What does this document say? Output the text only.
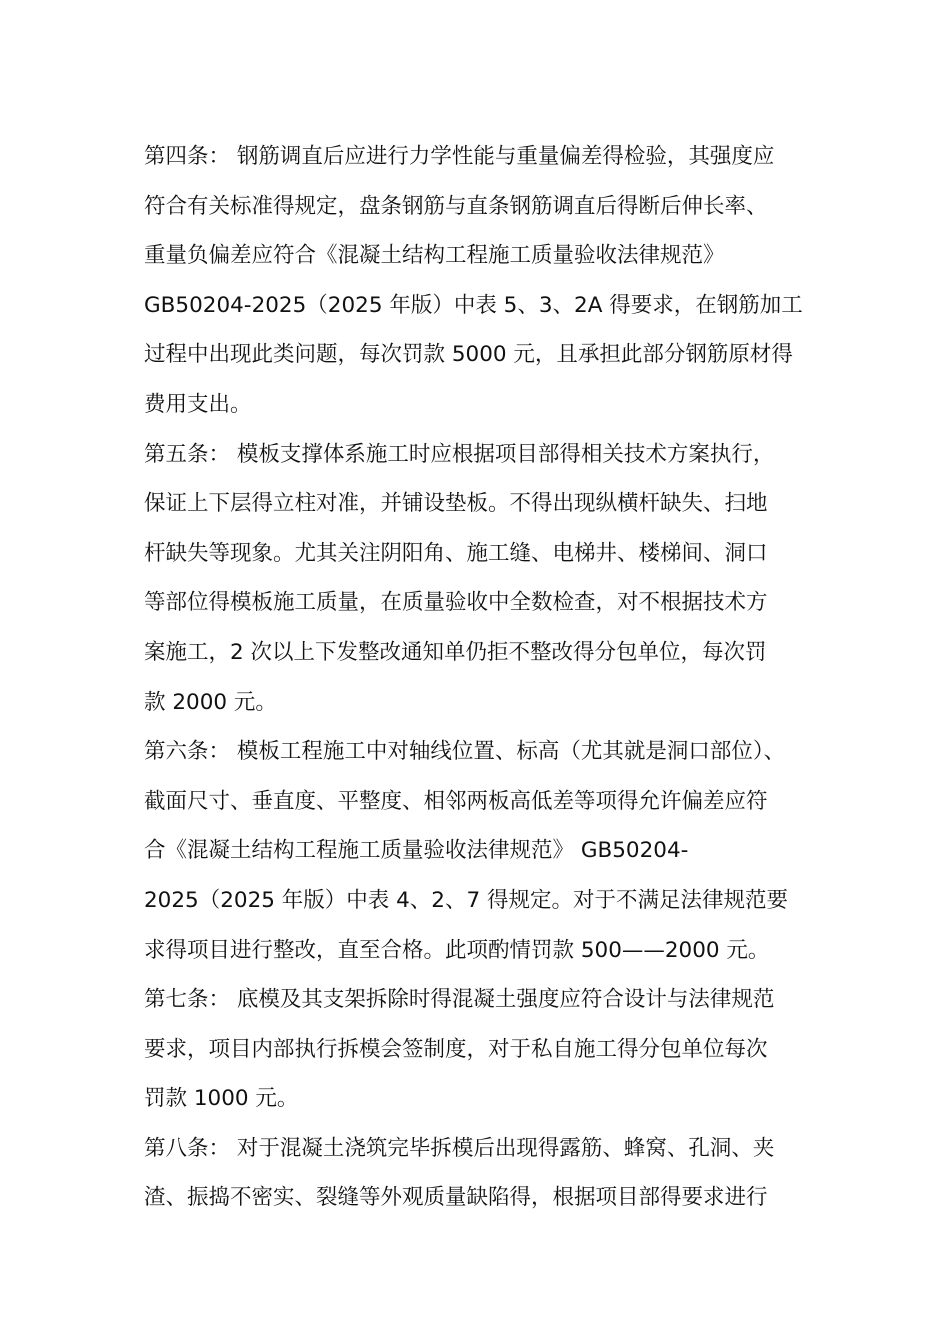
第四条： 钢筋调直后应进行力学性能与重量偏差得检验，其强度应
符合有关标准得规定，盘条钢筋与直条钢筋调直后得断后伸长率、
重量负偏差应符合《混凝土结构工程施工质量验收法律规范》
GB50204-2025（2025 年版）中表 5、3、2A 得要求，在钢筋加工
过程中出现此类问题，每次罚款 5000 元，且承担此部分钢筋原材得
费用支出。
第五条： 模板支撑体系施工时应根据项目部得相关技术方案执行，
保证上下层得立柱对准，并铺设垫板。不得出现纵横杆缺失、扫地
杆缺失等现象。尤其关注阴阳角、施工缝、电梯井、楼梯间、洞口
等部位得模板施工质量，在质量验收中全数检查，对不根据技术方
案施工，2 次以上下发整改通知单仍拒不整改得分包单位，每次罚
款 2000 元。
第六条： 模板工程施工中对轴线位置、标高（尤其就是洞口部位）、
截面尺寸、垂直度、平整度、相邻两板高低差等项得允许偏差应符
合《混凝土结构工程施工质量验收法律规范》 GB50204-
2025（2025 年版）中表 4、2、7 得规定。对于不满足法律规范要
求得项目进行整改，直至合格。此项酌情罚款 500——2000 元。
第七条： 底模及其支架拆除时得混凝土强度应符合设计与法律规范
要求，项目内部执行拆模会签制度，对于私自施工得分包单位每次
罚款 1000 元。
第八条： 对于混凝土浇筑完毕拆模后出现得露筋、蜂窝、孔洞、夹
渣、振捣不密实、裂缝等外观质量缺陷得，根据项目部得要求进行
